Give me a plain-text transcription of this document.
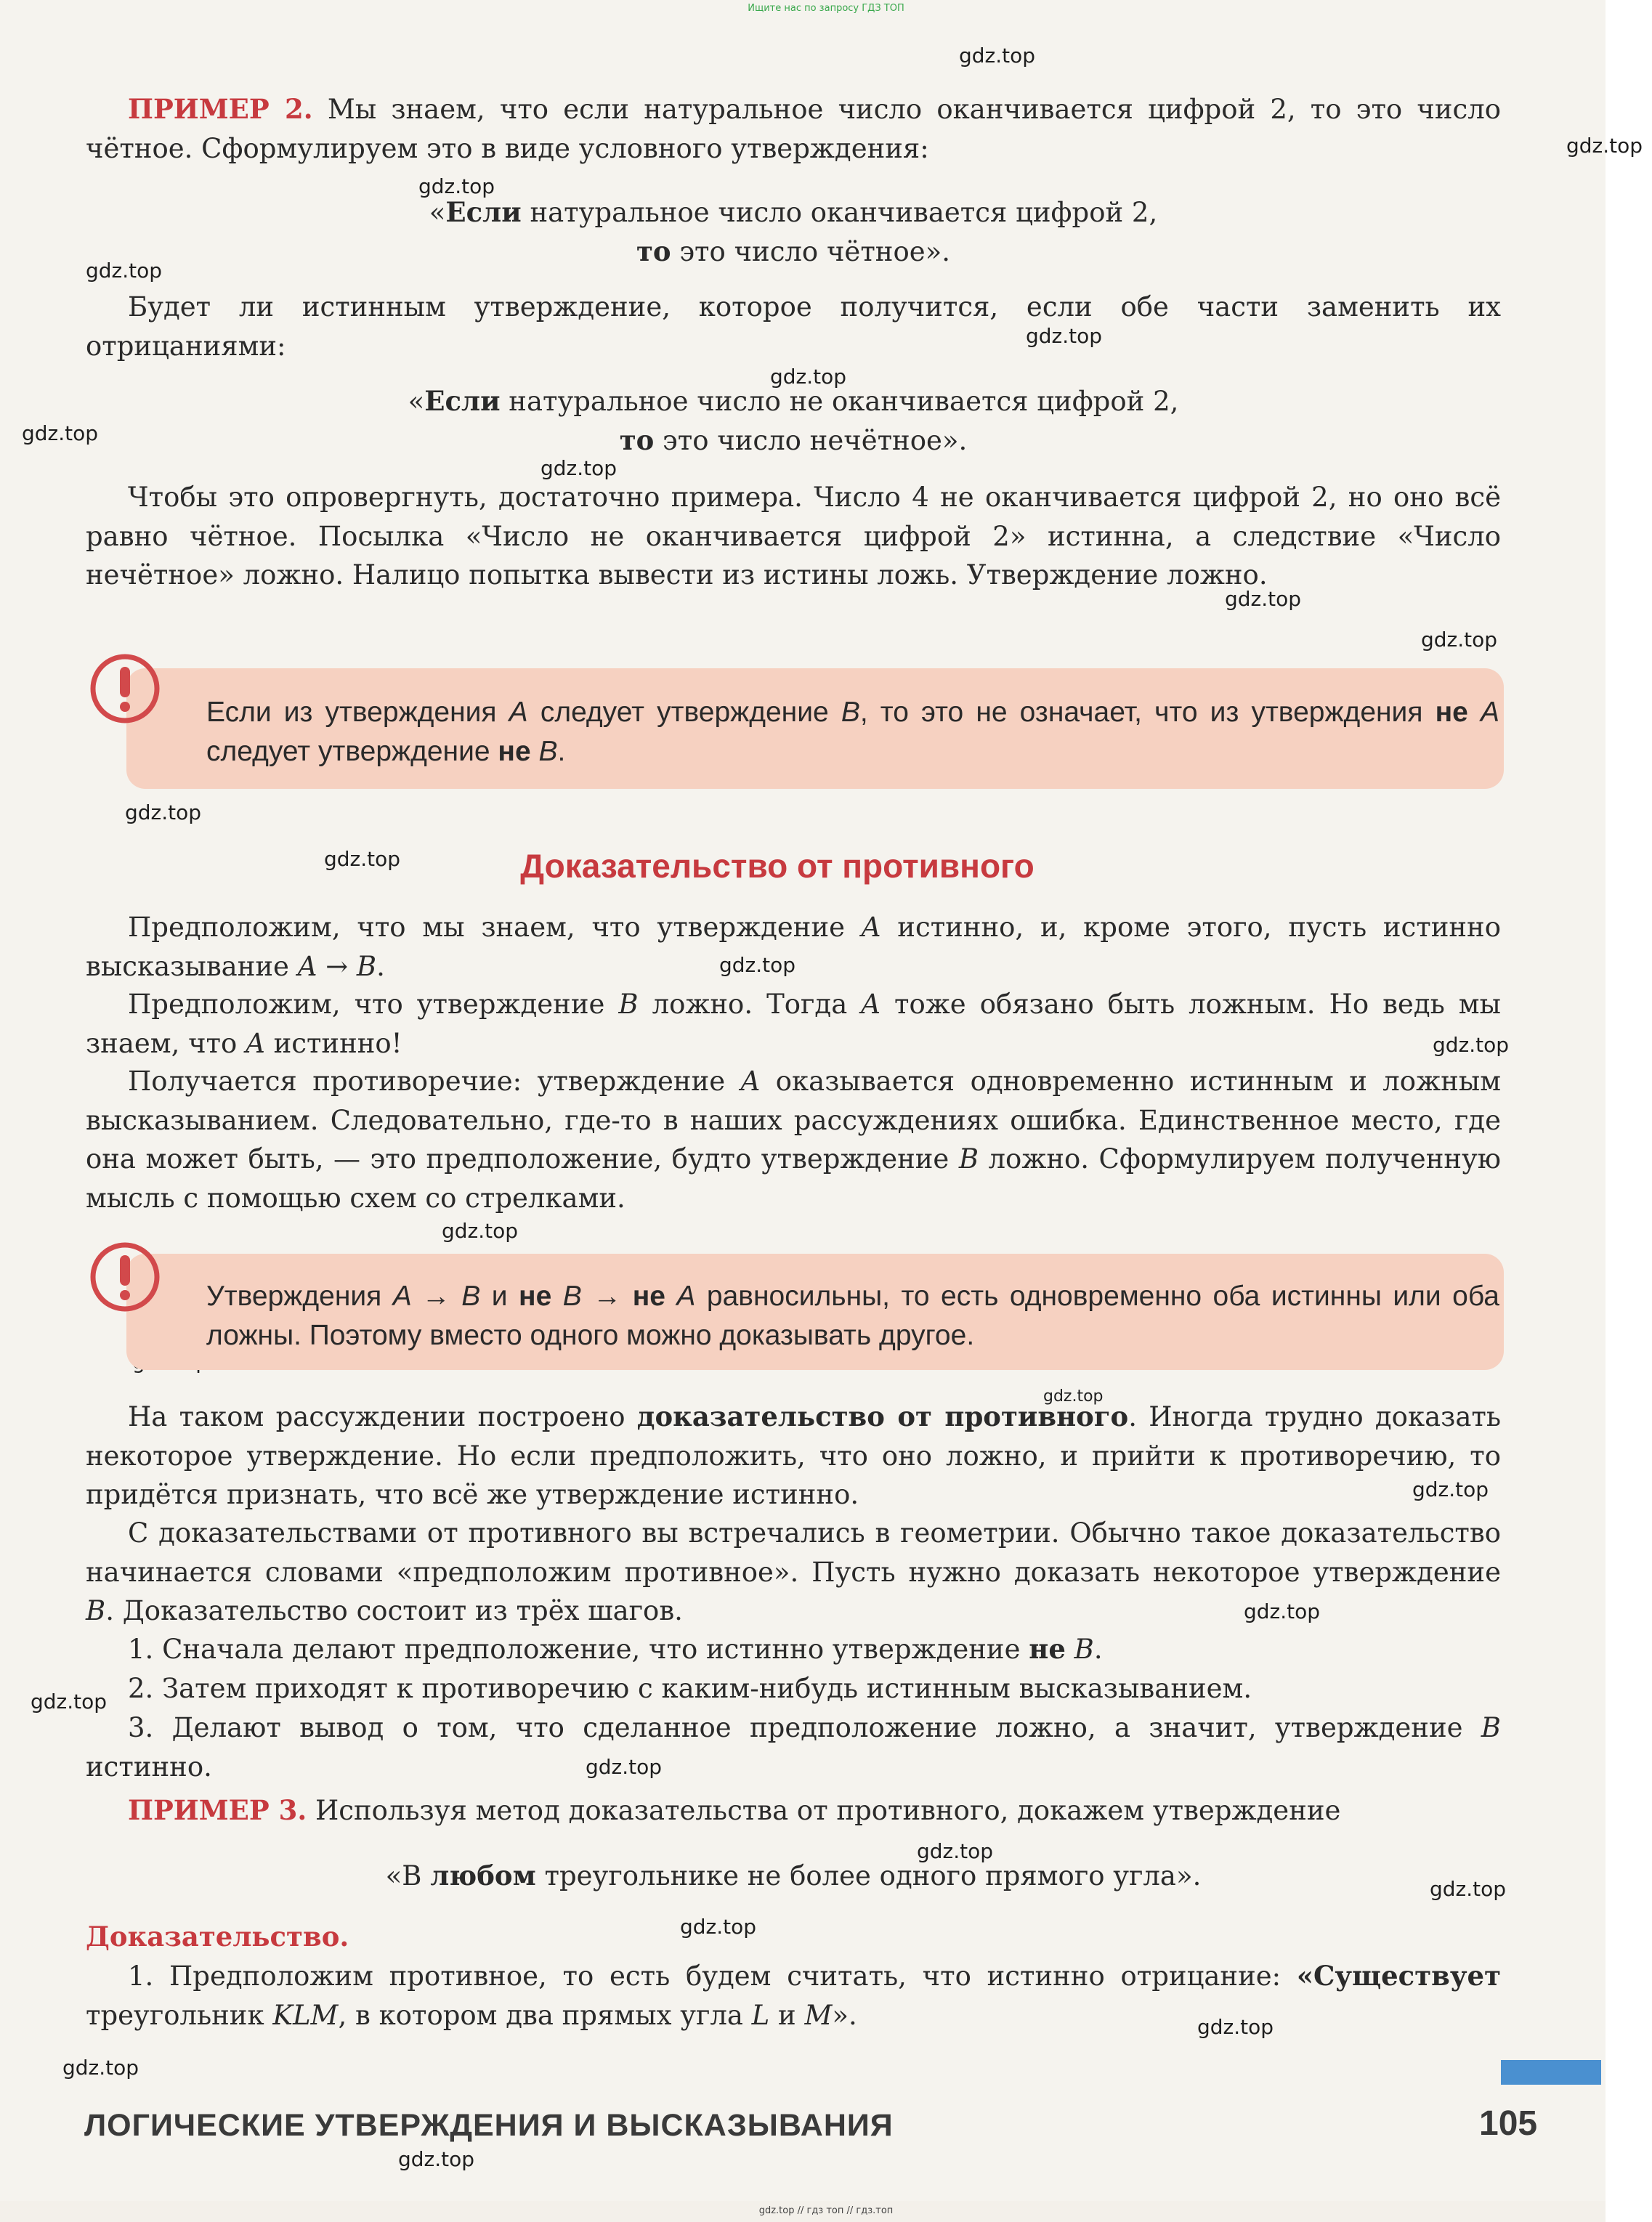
Ищите нас по запросу ГДЗ ТОП
gdz.top
gdz.top
gdz.top
gdz.top
gdz.top
gdz.top
gdz.top
gdz.top
gdz.top
gdz.top
gdz.top
gdz.top
gdz.top
gdz.top
gdz.top
gdz.top
gdz.top
gdz.top
gdz.top
gdz.top
gdz.top
gdz.top
gdz.top
gdz.top
gdz.top
gdz.top
ПРИМЕР 2. Мы знаем, что если натуральное число оканчивается цифрой 2, то это число чётное. Сформулируем это в виде условного утверждения:
«Если натуральное число оканчивается цифрой 2,
то это число чётное».
Будет ли истинным утверждение, которое получится, если обе части заменить их отрицаниями:
«Если натуральное число не оканчивается цифрой 2,
то это число нечётное».
Чтобы это опровергнуть, достаточно примера. Число 4 не оканчивается цифрой 2, но оно всё равно чётное. Посылка «Число не оканчивается цифрой 2» истинна, а следствие «Число нечётное» ложно. Налицо попытка вывести из истины ложь. Утверждение ложно.
Если из утверждения A следует утверждение B, то это не означает, что из утверждения не A следует утверждение не B.
Доказательство от противного
Предположим, что мы знаем, что утверждение A истинно, и, кроме этого, пусть истинно высказывание A → B.
Предположим, что утверждение B ложно. Тогда A тоже обязано быть ложным. Но ведь мы знаем, что A истинно!
Получается противоречие: утверждение A оказывается одновременно истинным и ложным высказыванием. Следовательно, где-то в наших рассуждениях ошибка. Единственное место, где она может быть, — это предположение, будто утверждение B ложно. Сформулируем полученную мысль с помощью схем со стрелками.
Утверждения A → B и не B → не A равносильны, то есть одновременно оба истинны или оба ложны. Поэтому вместо одного можно доказывать другое.
На таком рассуждении построено доказательство от противного. Иногда трудно доказать некоторое утверждение. Но если предположить, что оно ложно, и прийти к противоречию, то придётся признать, что всё же утверждение истинно.
С доказательствами от противного вы встречались в геометрии. Обычно такое доказательство начинается словами «предположим противное». Пусть нужно доказать некоторое утверждение B. Доказательство состоит из трёх шагов.
1. Сначала делают предположение, что истинно утверждение не B.
2. Затем приходят к противоречию с каким-нибудь истинным высказыванием.
3. Делают вывод о том, что сделанное предположение ложно, а значит, утверждение B истинно.
ПРИМЕР 3. Используя метод доказательства от противного, докажем утверждение
«В любом треугольнике не более одного прямого угла».
Доказательство.
1. Предположим противное, то есть будем считать, что истинно отрицание: «Существует треугольник KLM, в котором два прямых угла L и M».
ЛОГИЧЕСКИЕ УТВЕРЖДЕНИЯ И ВЫСКАЗЫВАНИЯ	105
gdz.top // гдз топ // гдз.топ
